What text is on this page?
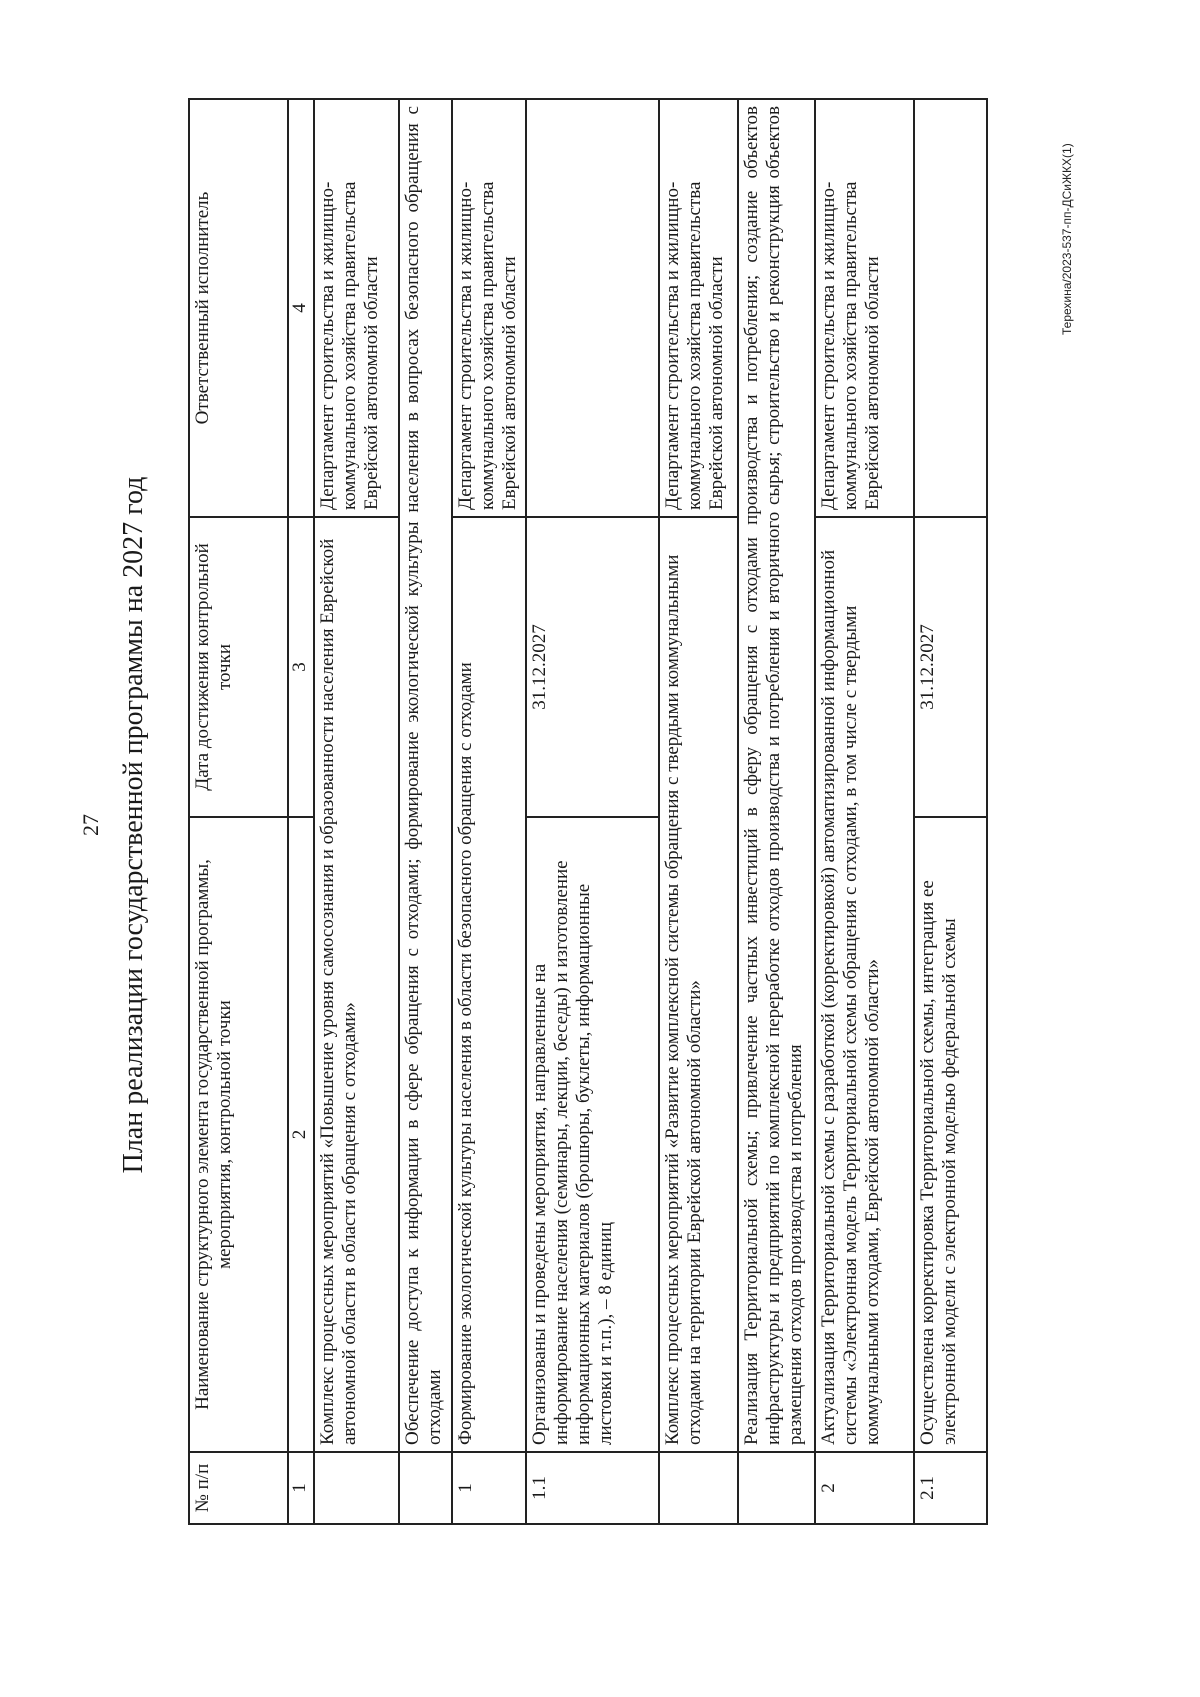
27 План реализации государственной программы на 2027 год
№ п/п	Наименование структурного элемента государственной программы, мероприятия, контрольной точки	Дата достижения контрольной точки	Ответственный исполнитель
1	2	3	4
	Комплекс процессных мероприятий «Повышение уровня самосознания и образованности населения Еврейской автономной области в области обращения с отходами»		Департамент строительства и жилищно-коммунального хозяйства правительства Еврейской автономной области
	Обеспечение доступа к информации в сфере обращения с отходами; формирование экологической культуры населения в вопросах безопасного обращения с отходами		
1	Формирование экологической культуры населения в области безопасного обращения с отходами		Департамент строительства и жилищно-коммунального хозяйства правительства Еврейской автономной области
1.1	Организованы и проведены мероприятия, направленные на информирование населения (семинары, лекции, беседы) и изготовление информационных материалов (брошюры, буклеты, информационные листовки и т.п.), – 8 единиц	31.12.2027	
	Комплекс процессных мероприятий «Развитие комплексной системы обращения с твердыми коммунальными отходами на территории Еврейской автономной области»		Департамент строительства и жилищно-коммунального хозяйства правительства Еврейской автономной области
	Реализация Территориальной схемы; привлечение частных инвестиций в сферу обращения с отходами производства и потребления; создание объектов инфраструктуры и предприятий по комплексной переработке отходов производства и потребления и вторичного сырья; строительство и реконструкция объектов размещения отходов производства и потребления		
2	Актуализация Территориальной схемы с разработкой (корректировкой) автоматизированной информационной системы «Электронная модель Территориальной схемы обращения с отходами, в том числе с твердыми коммунальными отходами, Еврейской автономной области»		Департамент строительства и жилищно-коммунального хозяйства правительства Еврейской автономной области
2.1	Осуществлена корректировка Территориальной схемы, интеграция ее электронной модели с электронной моделью федеральной схемы	31.12.2027	
Терехина/2023-537-пп-ДСиЖКХ(1)
